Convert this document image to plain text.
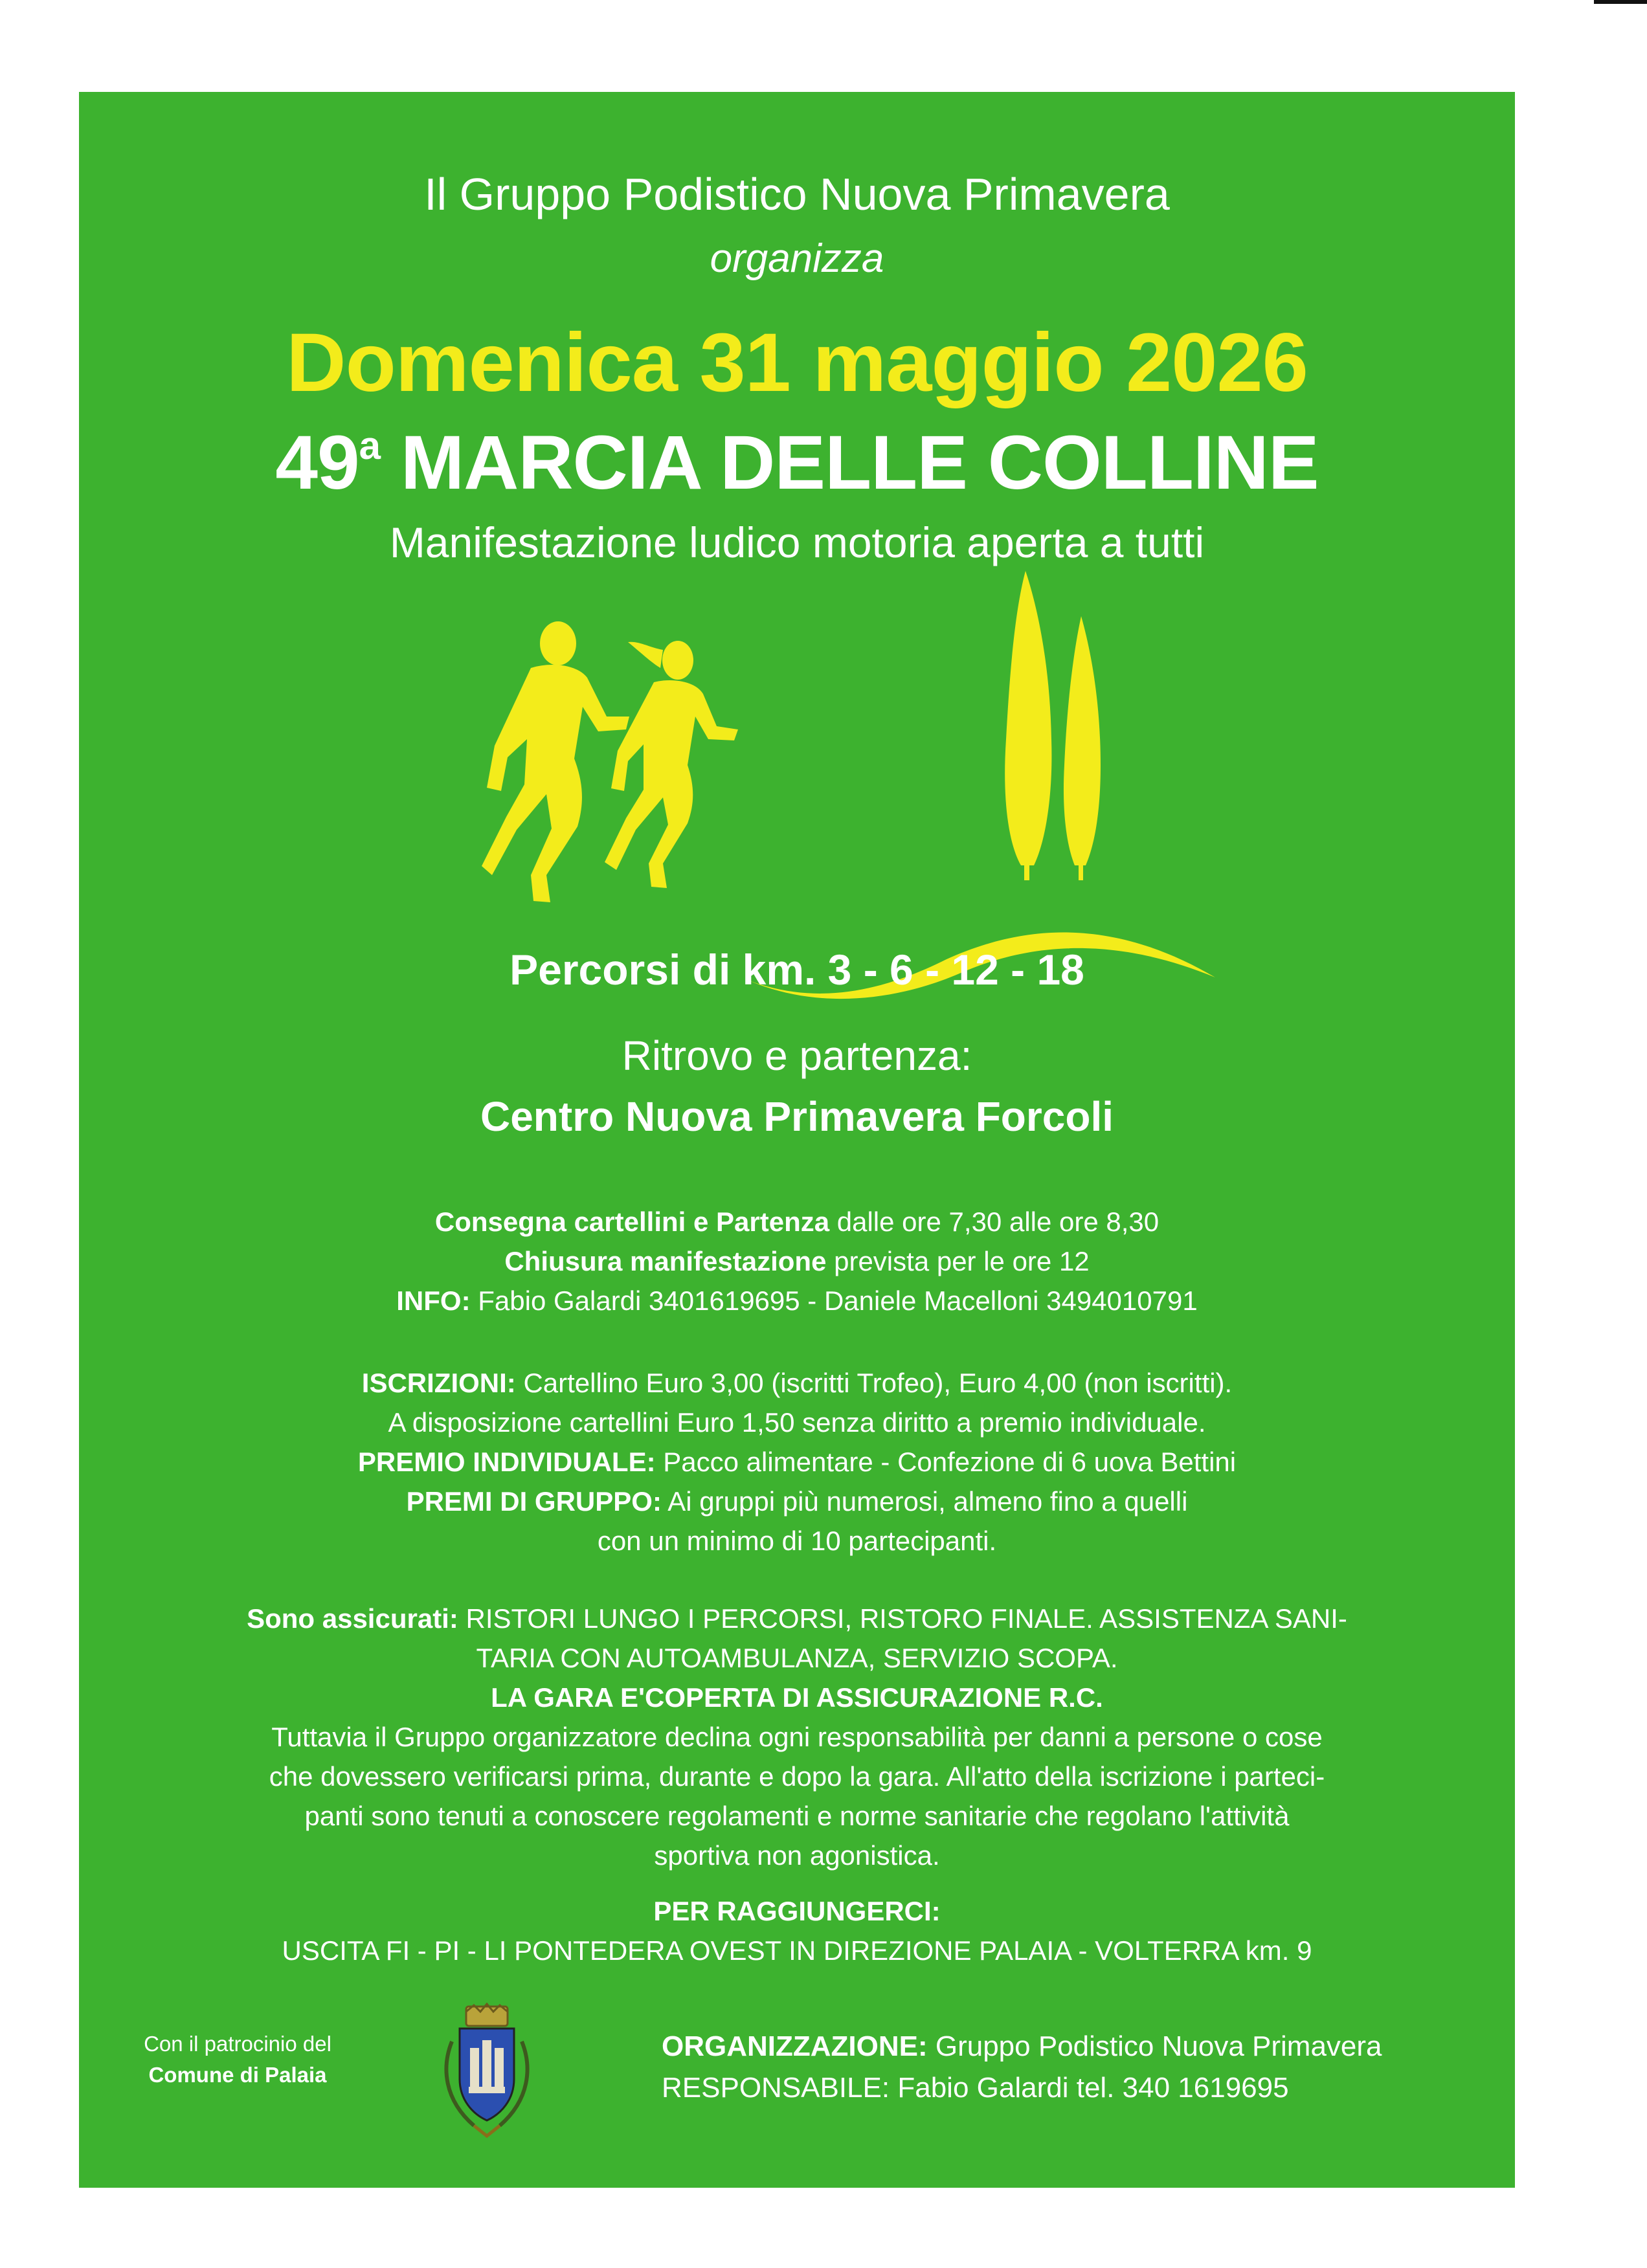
Il Gruppo Podistico Nuova Primavera
organizza
Domenica 31 maggio 2026
49$^a$ MARCIA DELLE COLLINE
Manifestazione ludico motoria aperta a tutti
Percorsi di km. 3 - 6 - 12 - 18
Ritrovo e partenza:
Centro Nuova Primavera Forcoli

Consegna cartellini e Partenza dalle ore 7,30 alle ore 8,30

Chiusura manifestazione prevista per le ore 12

INFO: Fabio Galardi 3401619695 - Daniele Macelloni 3494010791

ISCRIZIONI: Cartellino Euro 3,00 (iscritti Trofeo), Euro 4,00 (non iscritti).

A disposizione cartellini Euro 1,50 senza diritto a premio individuale.

PREMIO INDIVIDUALE: Pacco alimentare - Confezione di 6 uova Bettini

PREMI DI GRUPPO: Ai gruppi più numerosi, almeno fino a quelli

con un minimo di 10 partecipanti.

Sono assicurati: RISTORI LUNGO I PERCORSI, RISTORO FINALE. ASSISTENZA SANI-

TARIA CON AUTOAMBULANZA, SERVIZIO SCOPA.

LA GARA E'COPERTA DI ASSICURAZIONE R.C.

Tuttavia il Gruppo organizzatore declina ogni responsabilità per danni a persone o cose

che dovessero verificarsi prima, durante e dopo la gara. All'atto della iscrizione i parteci-

panti sono tenuti a conoscere regolamenti e norme sanitarie che regolano l'attività

sportiva non agonistica.

PER RAGGIUNGERCI:

USCITA FI - PI - LI PONTEDERA OVEST IN DIREZIONE PALAIA - VOLTERRA km. 9

Con il patrocinio del
Comune di Palaia
ORGANIZZAZIONE: Gruppo Podistico Nuova Primavera
RESPONSABILE: Fabio Galardi tel. 340 1619695
